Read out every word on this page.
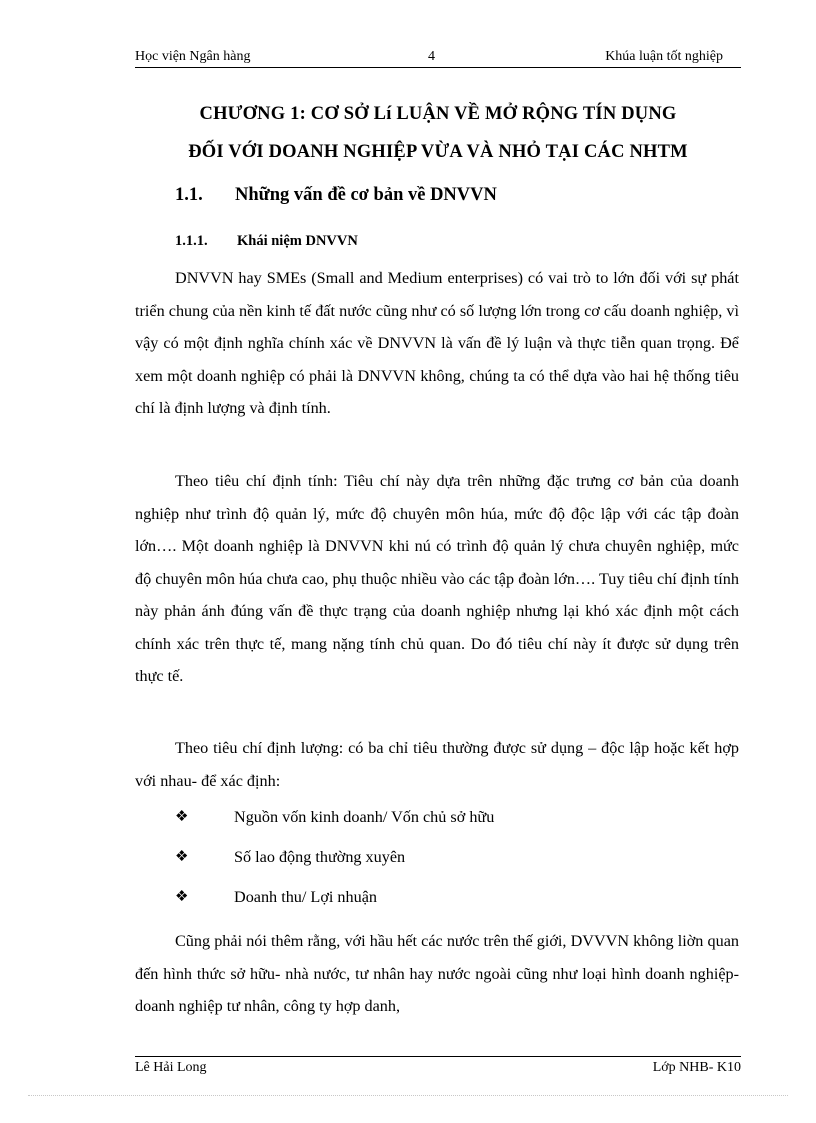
Học viện Ngân hàng	4	Khúa luận tốt nghiệp
CHƯƠNG 1: CƠ SỞ Lí LUẬN VỀ MỞ RỘNG TÍN DỤNG
ĐỐI VỚI DOANH NGHIỆP VỪA VÀ NHỎ TẠI CÁC NHTM
1.1. Những vấn đề cơ bản về DNVVN
1.1.1. Khái niệm DNVVN

DNVVN hay SMEs (Small and Medium enterprises) có vai trò to lớn đối với sự phát triển chung của nền kinh tế đất nước cũng như có số lượng lớn trong cơ cấu doanh nghiệp, vì vậy có một định nghĩa chính xác về DNVVN là vấn đề lý luận và thực tiễn quan trọng. Để xem một doanh nghiệp có phải là DNVVN không, chúng ta có thể dựa vào hai hệ thống tiêu chí là định lượng và định tính.

Theo tiêu chí định tính: Tiêu chí này dựa trên những đặc trưng cơ bản của doanh nghiệp như trình độ quản lý, mức độ chuyên môn húa, mức độ độc lập với các tập đoàn lớn…. Một doanh nghiệp là DNVVN khi nú có trình độ quản lý chưa chuyên nghiệp, mức độ chuyên môn húa chưa cao, phụ thuộc nhiều vào các tập đoàn lớn…. Tuy tiêu chí định tính này phản ánh đúng vấn đề thực trạng của doanh nghiệp nhưng lại khó xác định một cách chính xác trên thực tế, mang nặng tính chủ quan. Do đó tiêu chí này ít được sử dụng trên thực tế.

Theo tiêu chí định lượng: có ba chỉ tiêu thường được sử dụng – độc lập hoặc kết hợp với nhau- để xác định:

❖	Nguồn vốn kinh doanh/ Vốn chủ sở hữu
❖	Số lao động thường xuyên
❖	Doanh thu/ Lợi nhuận

Cũng phải nói thêm rằng, với hầu hết các nước trên thế giới, DVVVN không liờn quan đến hình thức sở hữu- nhà nước, tư nhân hay nước ngoài cũng như loại hình doanh nghiệp- doanh nghiệp tư nhân, công ty hợp danh,

Lê Hải Long	Lớp NHB- K10
